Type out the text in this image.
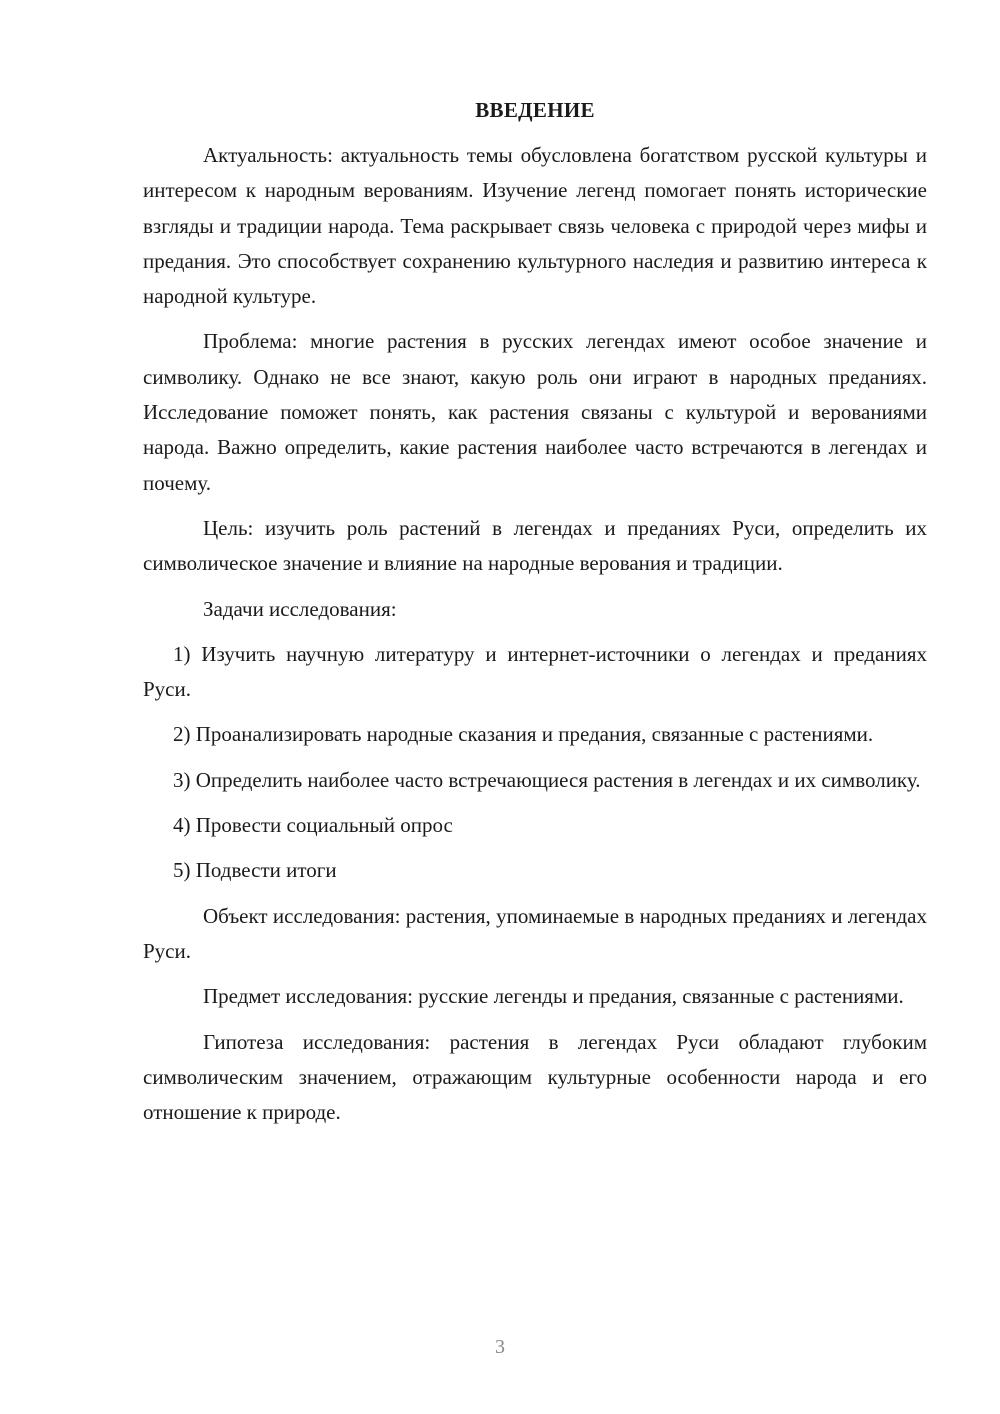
ВВЕДЕНИЕ

Актуальность: актуальность темы обусловлена богатством русской культуры и интересом к народным верованиям. Изучение легенд помогает понять исторические взгляды и традиции народа. Тема раскрывает связь человека с природой через мифы и предания. Это способствует сохранению культурного наследия и развитию интереса к народной культуре.

Проблема: многие растения в русских легендах имеют особое значение и символику. Однако не все знают, какую роль они играют в народных преданиях. Исследование поможет понять, как растения связаны с культурой и верованиями народа. Важно определить, какие растения наиболее часто встречаются в легендах и почему.

Цель: изучить роль растений в легендах и преданиях Руси, определить их символическое значение и влияние на народные верования и традиции.

Задачи исследования:

1) Изучить научную литературу и интернет-источники о легендах и преданиях Руси.

2) Проанализировать народные сказания и предания, связанные с растениями.

3) Определить наиболее часто встречающиеся растения в легендах и их символику.

4) Провести социальный опрос

5) Подвести итоги

Объект исследования: растения, упоминаемые в народных преданиях и легендах Руси.

Предмет исследования: русские легенды и предания, связанные с растениями.

Гипотеза исследования: растения в легендах Руси обладают глубоким символическим значением, отражающим культурные особенности народа и его отношение к природе.

3
